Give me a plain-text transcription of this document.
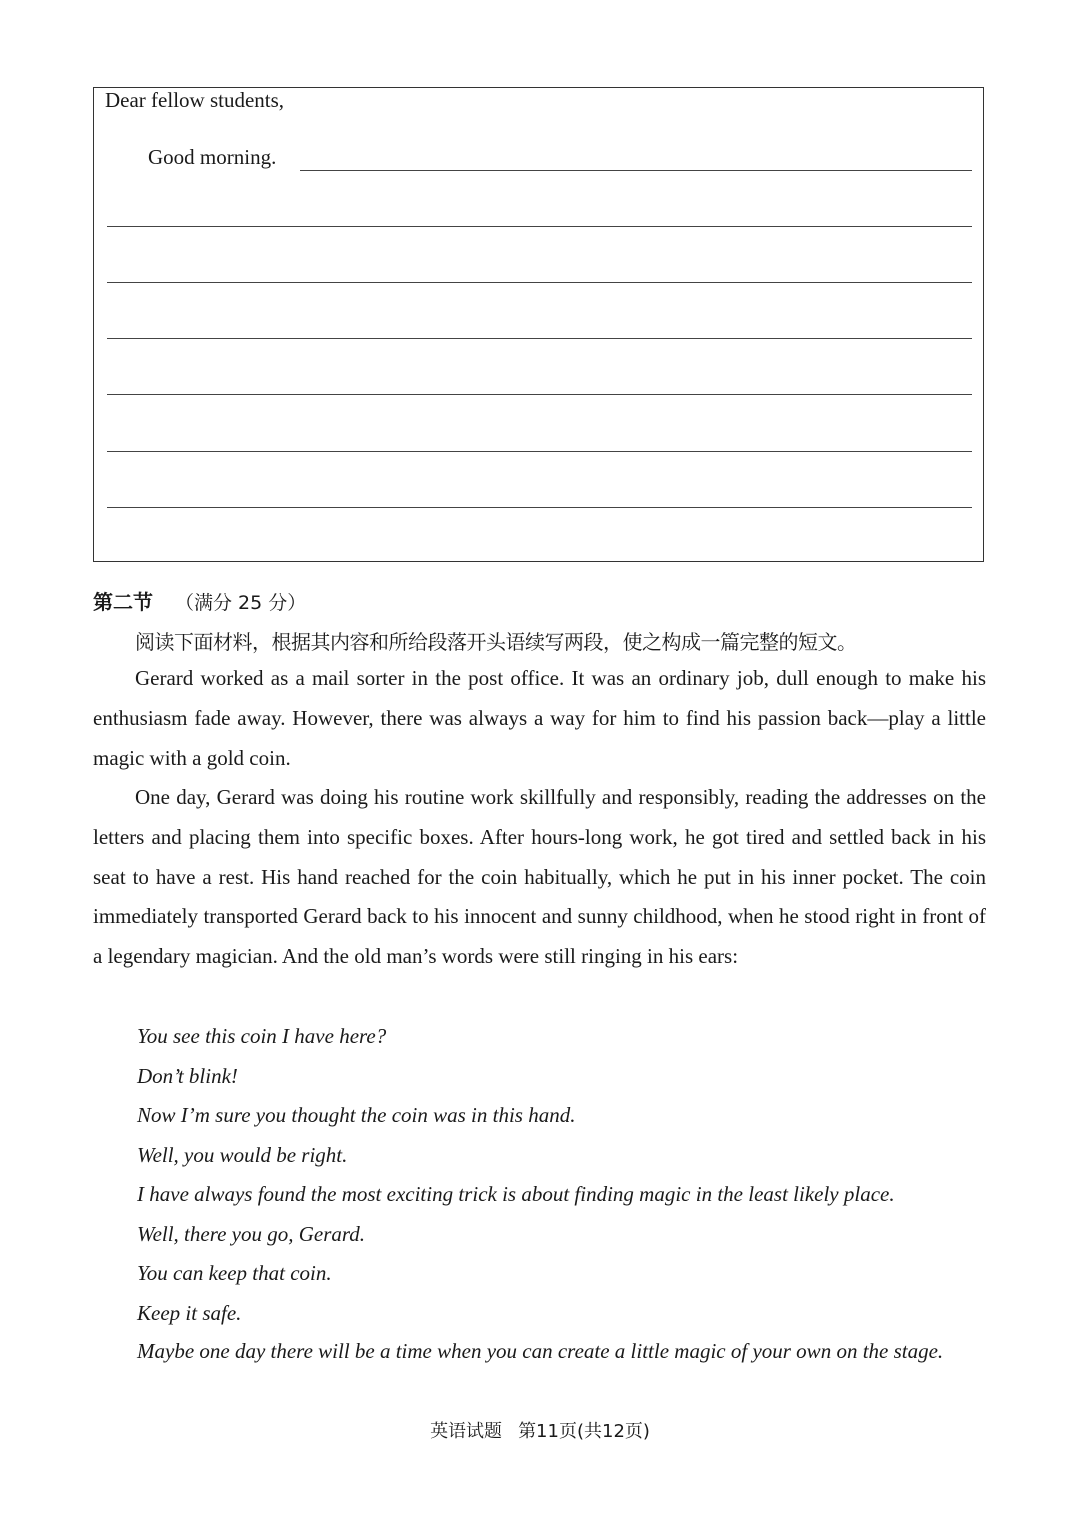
Dear fellow students,
Good morning.
第二节 （满分 25 分）
阅读下面材料，根据其内容和所给段落开头语续写两段，使之构成一篇完整的短文。
Gerard worked as a mail sorter in the post office. It was an ordinary job, dull enough to make his enthusiasm fade away. However, there was always a way for him to find his passion back—play a little magic with a gold coin.
One day, Gerard was doing his routine work skillfully and responsibly, reading the addresses on the letters and placing them into specific boxes. After hours-long work, he got tired and settled back in his seat to have a rest. His hand reached for the coin habitually, which he put in his inner pocket. The coin immediately transported Gerard back to his innocent and sunny childhood, when he stood right in front of a legendary magician. And the old man’s words were still ringing in his ears:
You see this coin I have here?
Don’t blink!
Now I’m sure you thought the coin was in this hand.
Well, you would be right.
I have always found the most exciting trick is about finding magic in the least likely place.
Well, there you go, Gerard.
You can keep that coin.
Keep it safe.
Maybe one day there will be a time when you can create a little magic of your own on the stage.
英语试题 第11页(共12页)
